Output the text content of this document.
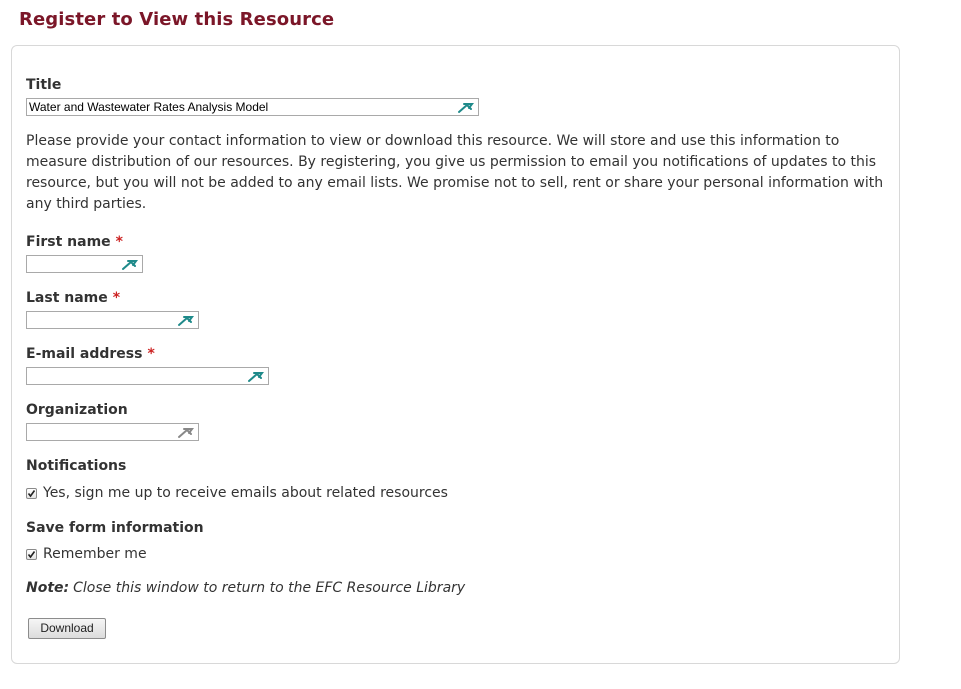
Register to View this Resource
Title
Water and Wastewater Rates Analysis Model

Please provide your contact information to view or download this resource. We will store and use this information to measure distribution of our resources. By registering, you give us permission to email you notifications of updates to this resource, but you will not be added to any email lists. We promise not to sell, rent or share your personal information with any third parties.

First name *
Last name *
E-mail address *
Organization
Notifications
Yes, sign me up to receive emails about related resources
Save form information
Remember me
Note: Close this window to return to the EFC Resource Library
Download
